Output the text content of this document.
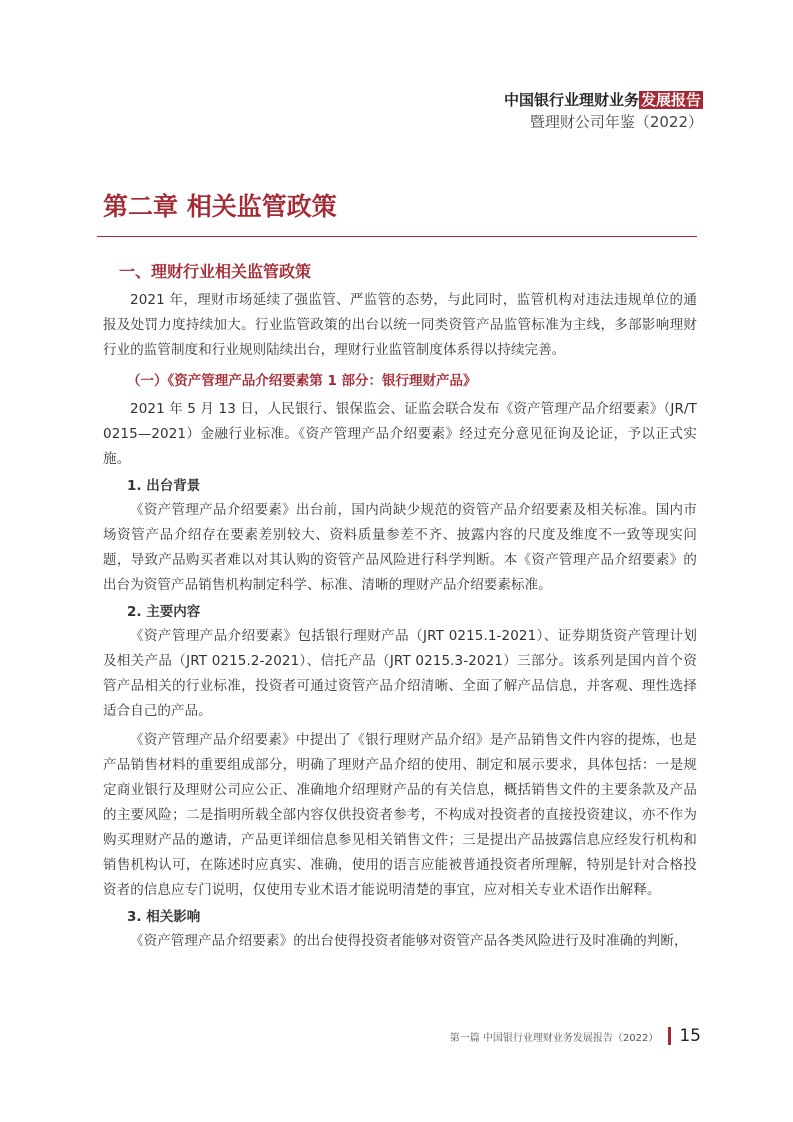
中国银行业理财业务 发展报告
暨理财公司年鉴（2022）
第二章 相关监管政策
一、理财行业相关监管政策

2021 年，理财市场延续了强监管、严监管的态势，与此同时，监管机构对违法违规单位的通报及处罚力度持续加大。行业监管政策的出台以统一同类资管产品监管标准为主线，多部影响理财行业的监管制度和行业规则陆续出台，理财行业监管制度体系得以持续完善。

（一）《资产管理产品介绍要素第 1 部分：银行理财产品》

2021 年 5 月 13 日，人民银行、银保监会、证监会联合发布《资产管理产品介绍要素》（JR/T 0215—2021）金融行业标准。《资产管理产品介绍要素》经过充分意见征询及论证，予以正式实施。

1. 出台背景

《资产管理产品介绍要素》出台前，国内尚缺少规范的资管产品介绍要素及相关标准。国内市场资管产品介绍存在要素差别较大、资料质量参差不齐、披露内容的尺度及维度不一致等现实问题，导致产品购买者难以对其认购的资管产品风险进行科学判断。本《资产管理产品介绍要素》的出台为资管产品销售机构制定科学、标准、清晰的理财产品介绍要素标准。

2. 主要内容

《资产管理产品介绍要素》包括银行理财产品（JRT 0215.1-2021）、证券期货资产管理计划及相关产品（JRT 0215.2-2021）、信托产品（JRT 0215.3-2021）三部分。该系列是国内首个资管产品相关的行业标准，投资者可通过资管产品介绍清晰、全面了解产品信息，并客观、理性选择适合自己的产品。

《资产管理产品介绍要素》中提出了《银行理财产品介绍》是产品销售文件内容的提炼，也是产品销售材料的重要组成部分，明确了理财产品介绍的使用、制定和展示要求，具体包括：一是规定商业银行及理财公司应公正、准确地介绍理财产品的有关信息，概括销售文件的主要条款及产品的主要风险；二是指明所载全部内容仅供投资者参考，不构成对投资者的直接投资建议，亦不作为购买理财产品的邀请，产品更详细信息参见相关销售文件；三是提出产品披露信息应经发行机构和销售机构认可，在陈述时应真实、准确，使用的语言应能被普通投资者所理解，特别是针对合格投资者的信息应专门说明，仅使用专业术语才能说明清楚的事宜，应对相关专业术语作出解释。

3. 相关影响

《资产管理产品介绍要素》的出台使得投资者能够对资管产品各类风险进行及时准确的判断，

第一篇 中国银行业理财业务发展报告（2022） 15
